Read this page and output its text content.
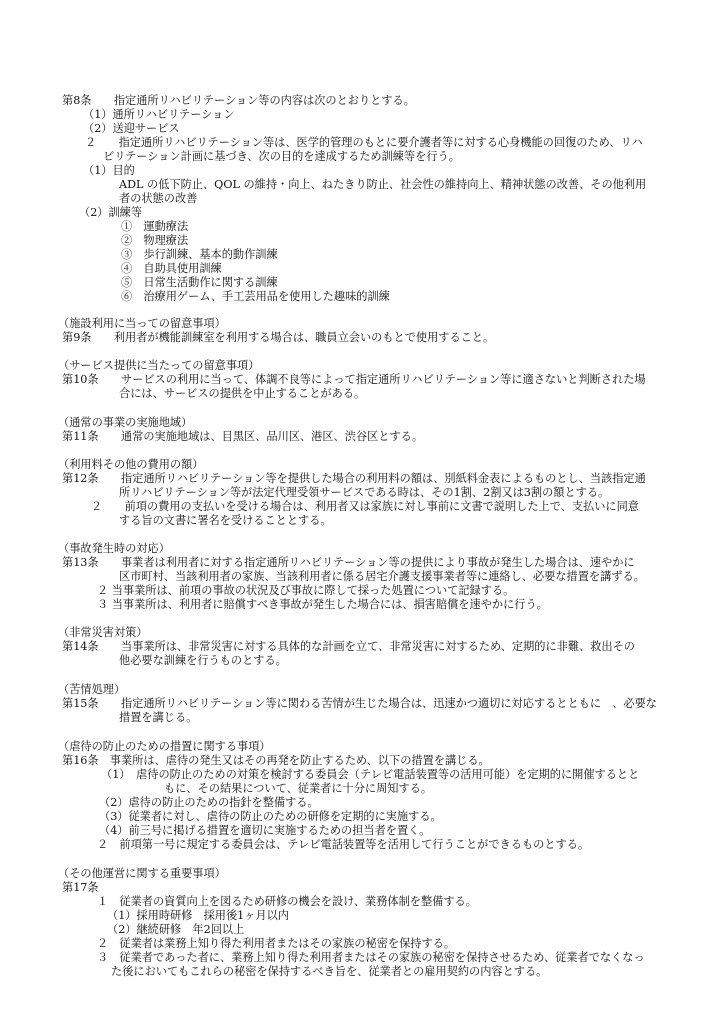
第8条　　指定通所リハビリテーション等の内容は次のとおりとする。
（1）通所リハビリテーション
（2）送迎サービス
２　　指定通所リハビリテーション等は、医学的管理のもとに要介護者等に対する心身機能の回復のため、リハ
ビリテーション計画に基づき、次の目的を達成するため訓練等を行う。
（1）目的
ADL の低下防止、QOL の維持・向上、ねたきり防止、社会性の維持向上、精神状態の改善、その他利用
者の状態の改善
（2）訓練等
①　運動療法
②　物理療法
③　歩行訓練、基本的動作訓練
④　自助具使用訓練
⑤　日常生活動作に関する訓練
⑥　治療用ゲーム、手工芸用品を使用した趣味的訓練
（施設利用に当っての留意事項）
第9条　　利用者が機能訓練室を利用する場合は、職員立会いのもとで使用すること。
（サービス提供に当たっての留意事項）
第10条　　サービスの利用に当って、体調不良等によって指定通所リハビリテーション等に適さないと判断された場
合には、サービスの提供を中止することがある。
（通常の事業の実施地域）
第11条　　通常の実施地域は、目黒区、品川区、港区、渋谷区とする。
（利用料その他の費用の額）
第12条　　指定通所リハビリテーション等を提供した場合の利用料の額は、別紙料金表によるものとし、当該指定通
所リハビリテーション等が法定代理受領サービスである時は、その1割、2割又は3割の額とする。
２　　前項の費用の支払いを受ける場合は、利用者又は家族に対し事前に文書で説明した上で、支払いに同意
する旨の文書に署名を受けることとする。
（事故発生時の対応）
第13条　　事業者は利用者に対する指定通所リハビリテーション等の提供により事故が発生した場合は、速やかに
区市町村、当該利用者の家族、当該利用者に係る居宅介護支援事業者等に連絡し、必要な措置を講ずる。
２ 当事業所は、前項の事故の状況及び事故に際して採った処置について記録する。
３ 当事業所は、利用者に賠償すべき事故が発生した場合には、損害賠償を速やかに行う。
（非常災害対策）
第14条　　当事業所は、非常災害に対する具体的な計画を立て、非常災害に対するため、定期的に非難、救出その
他必要な訓練を行うものとする。
（苦情処理）
第15条　　指定通所リハビリテーション等に関わる苦情が生じた場合は、迅速かつ適切に対応するとともに　、必要な
措置を講じる。
（虐待の防止のための措置に関する事項）
第16条　事業所は、虐待の発生又はその再発を防止するため、以下の措置を講じる。
（1）　虐待の防止のための対策を検討する委員会（テレビ電話装置等の活用可能）を定期的に開催するとと
もに、その結果について、従業者に十分に周知する。
（2）虐待の防止のための指針を整備する。
（3）従業者に対し、虐待の防止のための研修を定期的に実施する。
（4）前三号に掲げる措置を適切に実施するための担当者を置く。
２　前項第一号に規定する委員会は、テレビ電話装置等を活用して行うことができるものとする。
（その他運営に関する重要事項）
第17条
１　従業者の資質向上を図るため研修の機会を設け、業務体制を整備する。
（1）採用時研修　採用後1ヶ月以内
（2）継続研修　年2回以上
２　従業者は業務上知り得た利用者またはその家族の秘密を保持する。
３　従業者であった者に、業務上知り得た利用者またはその家族の秘密を保持させるため、従業者でなくなっ
た後においてもこれらの秘密を保持するべき旨を、従業者との雇用契約の内容とする。
